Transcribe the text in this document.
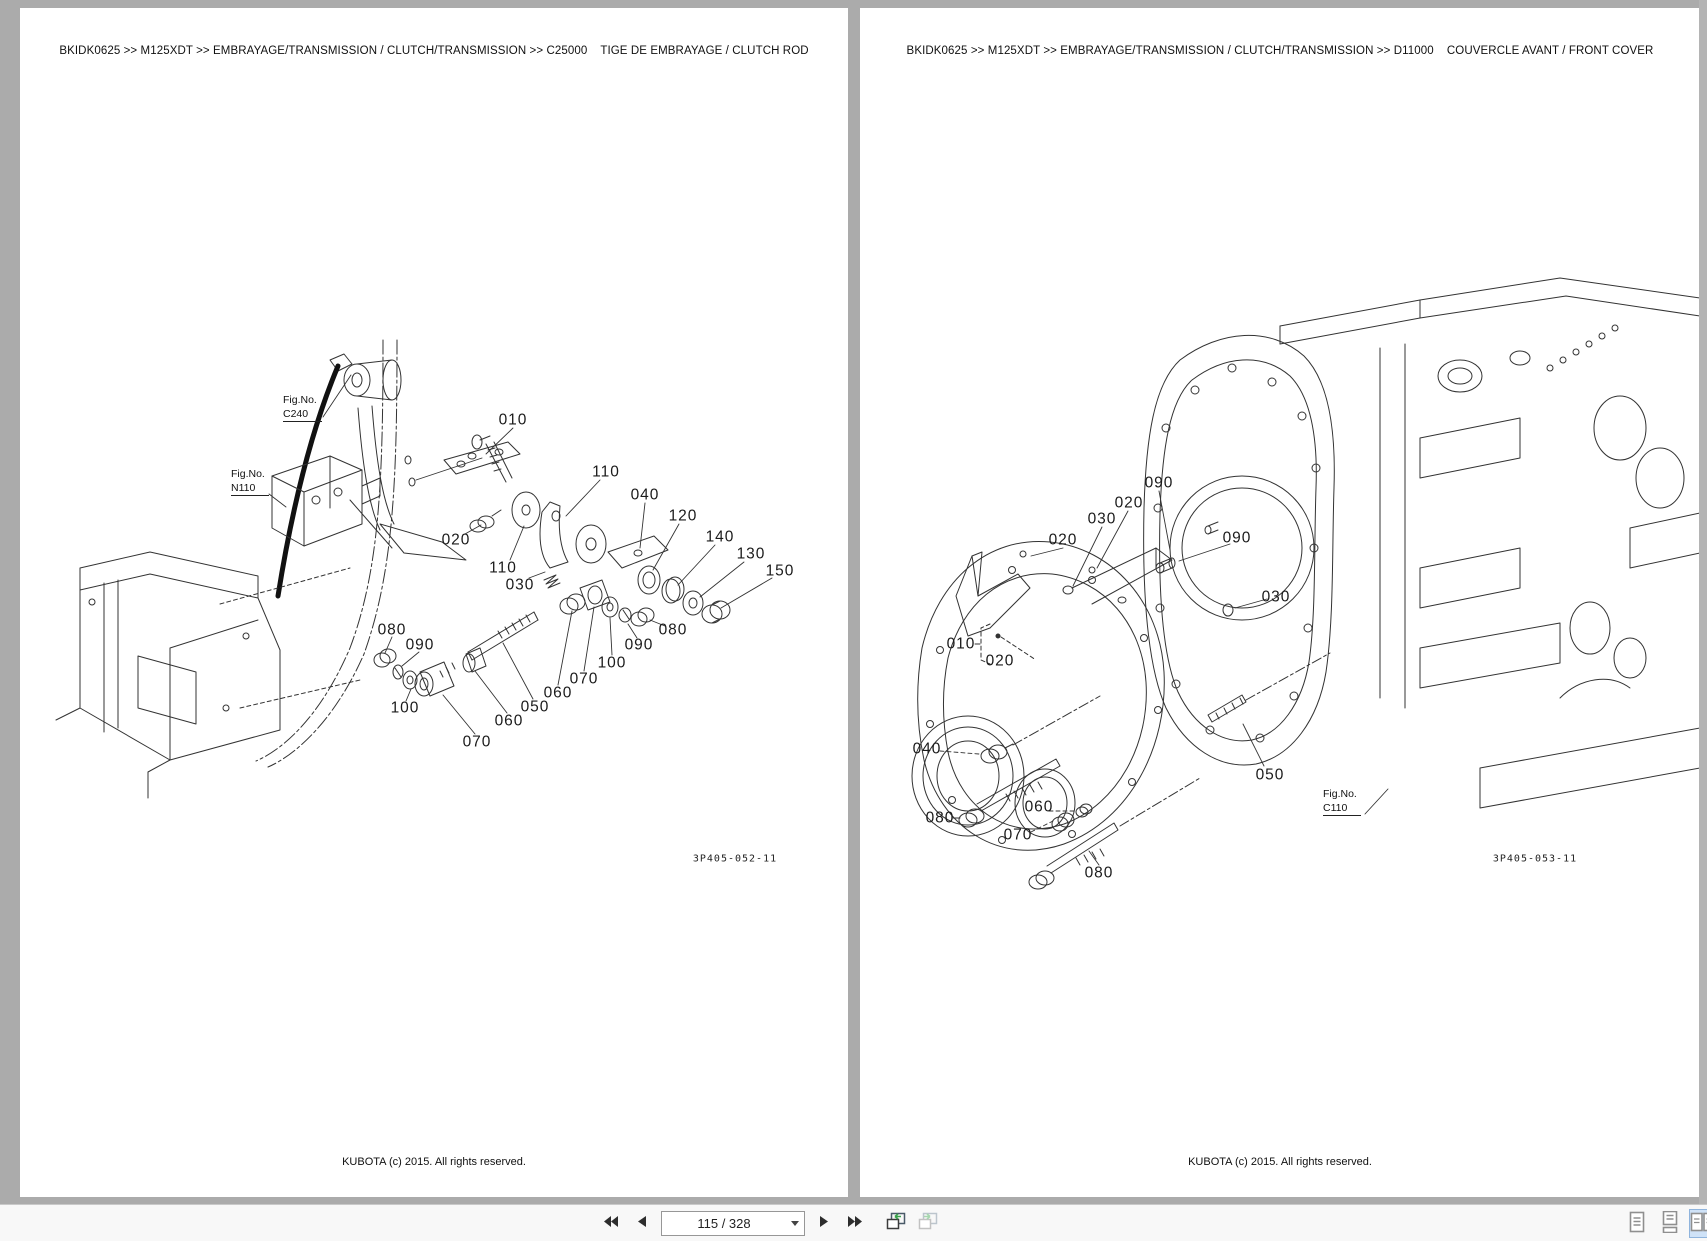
BKIDK0625 >> M125XDT >> EMBRAYAGE/TRANSMISSION / CLUTCH/TRANSMISSION >> C25000    TIGE DE EMBRAYAGE / CLUTCH ROD
010
020
110
040
120
140
130
150
110
030
080
090
100
070
060
050
060
070
100
090
080
Fig.No.
C240
Fig.No.
N110
3P405-052-11
KUBOTA (c) 2015. All rights reserved.
BKIDK0625 >> M125XDT >> EMBRAYAGE/TRANSMISSION / CLUTCH/TRANSMISSION >> D11000    COUVERCLE AVANT / FRONT COVER
090
020
030
020	090
030
010
020
040
080
060
070
080
050
Fig.No.
C110
3P405-053-11
KUBOTA (c) 2015. All rights reserved.
115 / 328
